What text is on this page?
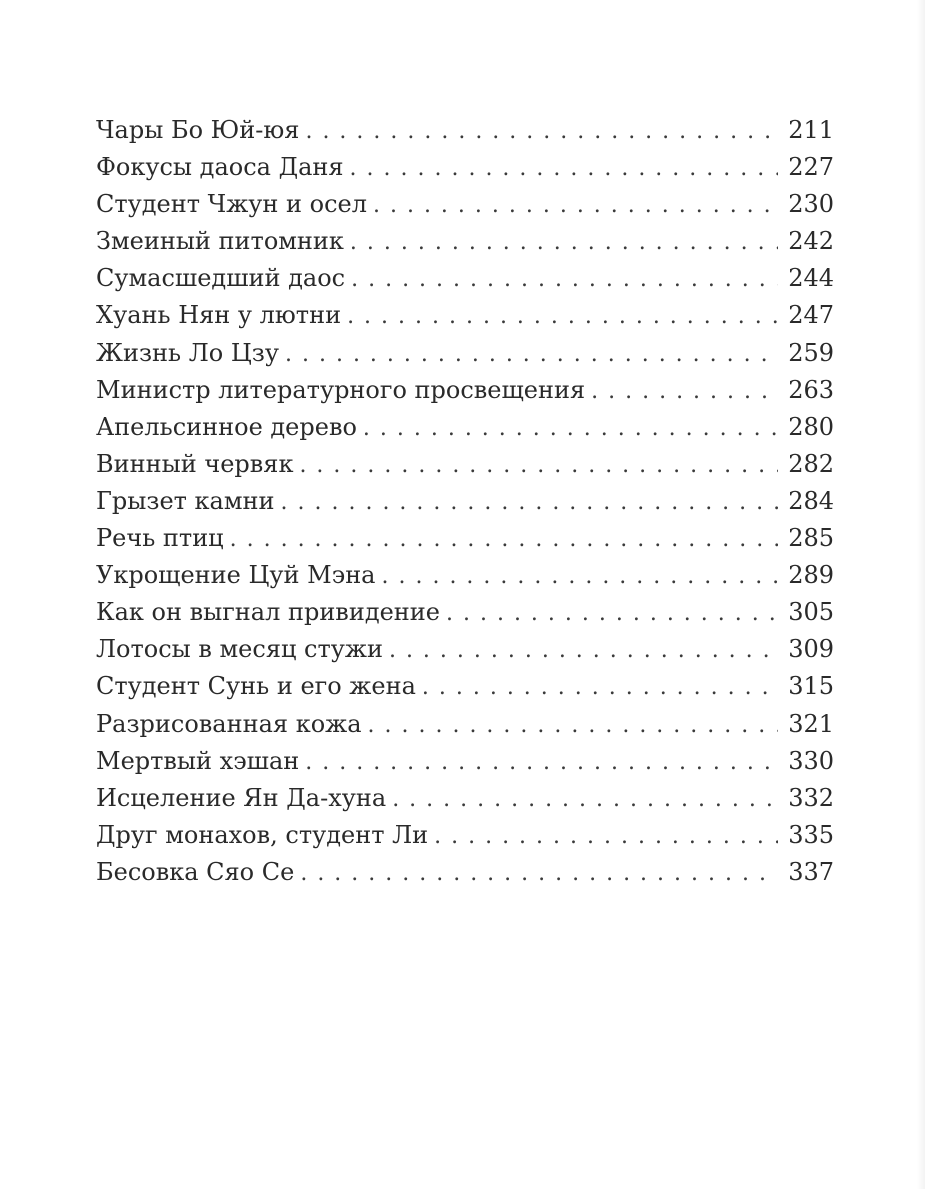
Чары Бо Юй-юя . . .	211
Фокусы даоса Даня . . .	227
Студент Чжун и осел . . .	230
Змеиный питомник . . .	242
Сумасшедший даос . . .	244
Хуань Нян у лютни . . .	247
Жизнь Ло Цзу . . .	259
Министр литературного просвещения . . .	263
Апельсинное дерево . . .	280
Винный червяк . . .	282
Грызет камни . . .	284
Речь птиц . . .	285
Укрощение Цуй Мэна . . .	289
Как он выгнал привидение . . .	305
Лотосы в месяц стужи . . .	309
Студент Сунь и его жена . . .	315
Разрисованная кожа . . .	321
Мертвый хэшан . . .	330
Исцеление Ян Да-хуна . . .	332
Друг монахов, студент Ли . . .	335
Бесовка Сяо Се . . .	337
